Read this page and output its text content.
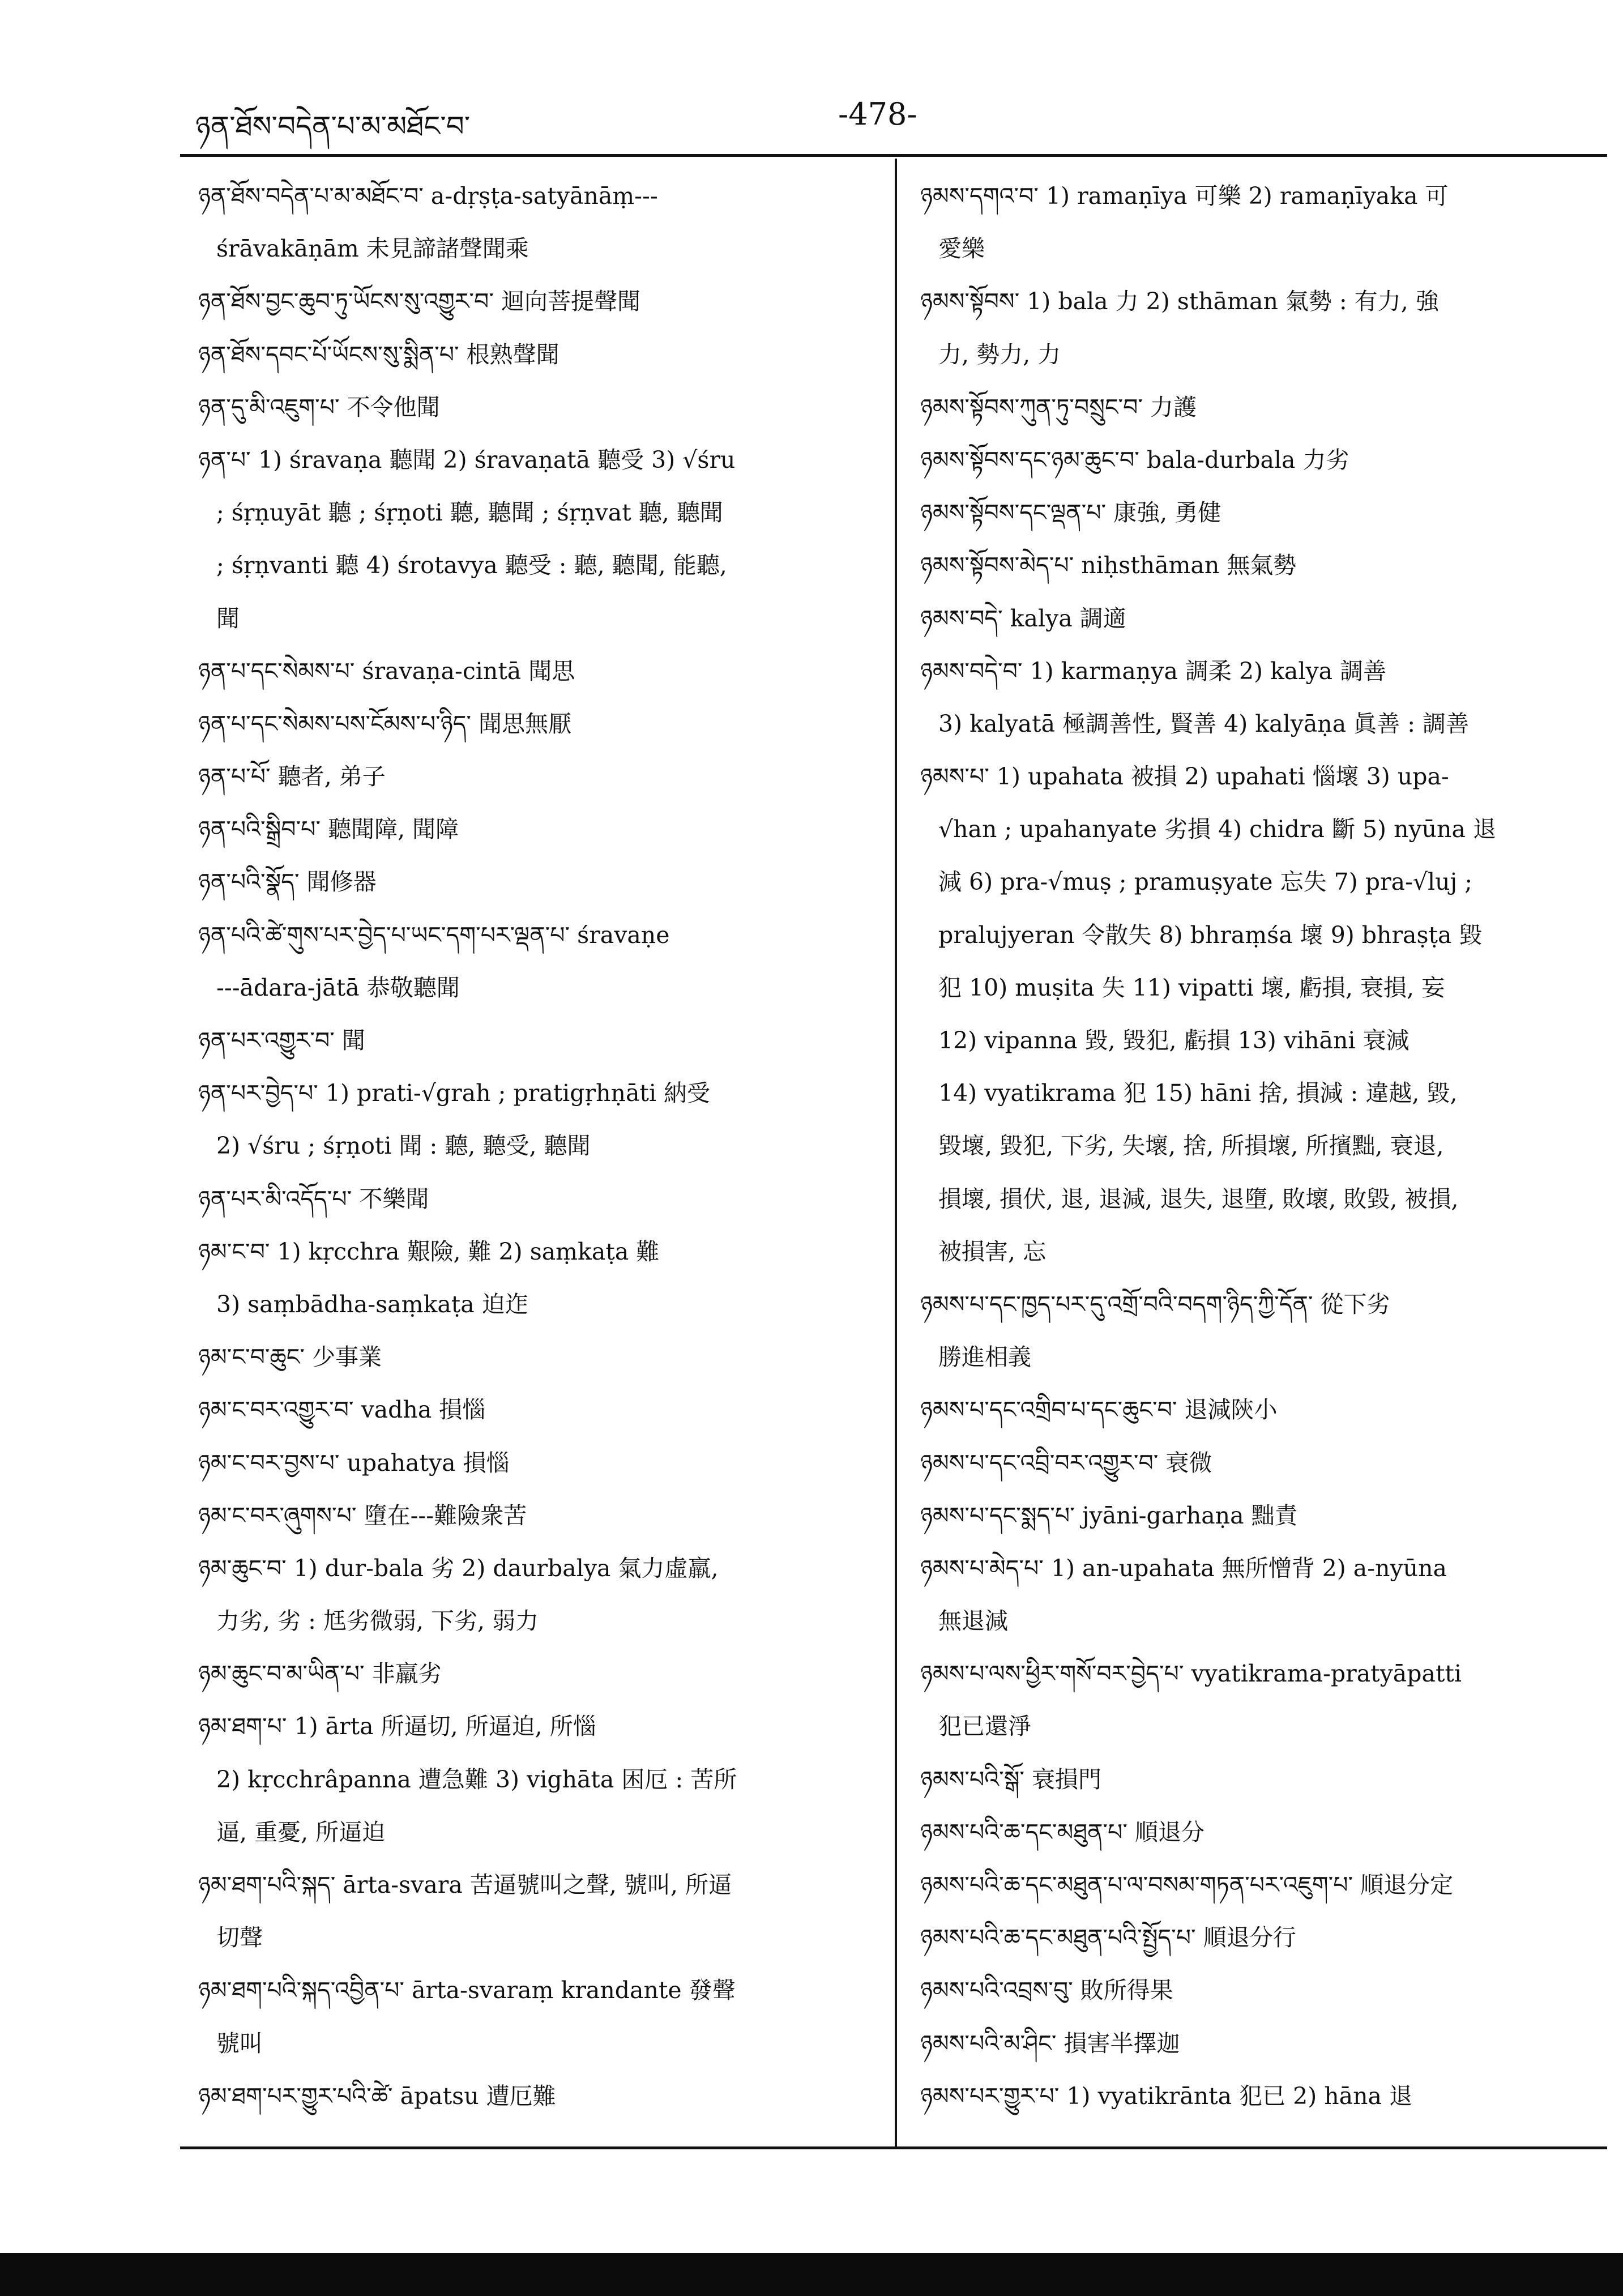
ཉན་ཐོས་བདེན་པ་མ་མཐོང་བ་	-478-
ཉན་ཐོས་བདེན་པ་མ་མཐོང་བ་ a-dṛṣṭa-satyānāṃ---
śrāvakāṇām 未見諦諸聲聞乘
ཉན་ཐོས་བྱང་ཆུབ་ཏུ་ཡོངས་སུ་འགྱུར་བ་ 迴向菩提聲聞
ཉན་ཐོས་དབང་པོ་ཡོངས་སུ་སྨིན་པ་ 根熟聲聞
ཉན་དུ་མི་འཇུག་པ་ 不令他聞
ཉན་པ་ 1) śravaṇa 聽聞 2) śravaṇatā 聽受 3) √śru
; śṛṇuyāt 聽 ; śṛṇoti 聽, 聽聞 ; śṛṇvat 聽, 聽聞
; śṛṇvanti 聽 4) śrotavya 聽受 : 聽, 聽聞, 能聽,
聞
ཉན་པ་དང་སེམས་པ་ śravaṇa-cintā 聞思
ཉན་པ་དང་སེམས་པས་ངོམས་པ་ཉིད་ 聞思無厭
ཉན་པ་པོ་ 聽者, 弟子
ཉན་པའི་སྒྲིབ་པ་ 聽聞障, 聞障
ཉན་པའི་སྣོད་ 聞修器
ཉན་པའི་ཚེ་གུས་པར་བྱེད་པ་ཡང་དག་པར་ལྡན་པ་ śravaṇe
---ādara-jātā 恭敬聽聞
ཉན་པར་འགྱུར་བ་ 聞
ཉན་པར་བྱེད་པ་ 1) prati-√grah ; pratigṛhṇāti 納受
2) √śru ; śṛṇoti 聞 : 聽, 聽受, 聽聞
ཉན་པར་མི་འདོད་པ་ 不樂聞
ཉམ་ང་བ་ 1) kṛcchra 艱險, 難 2) saṃkaṭa 難
3) saṃbādha-saṃkaṭa 迫迮
ཉམ་ང་བ་ཆུང་ 少事業
ཉམ་ང་བར་འགྱུར་བ་ vadha 損惱
ཉམ་ང་བར་བྱས་པ་ upahatya 損惱
ཉམ་ང་བར་ཞུགས་པ་ 墮在---難險衆苦
ཉམ་ཆུང་བ་ 1) dur-bala 劣 2) daurbalya 氣力虛羸,
力劣, 劣 : 尪劣微弱, 下劣, 弱力
ཉམ་ཆུང་བ་མ་ཡིན་པ་ 非羸劣
ཉམ་ཐག་པ་ 1) ārta 所逼切, 所逼迫, 所惱
2) kṛcchrâpanna 遭急難 3) vighāta 困厄 : 苦所
逼, 重憂, 所逼迫
ཉམ་ཐག་པའི་སྐད་ ārta-svara 苦逼號叫之聲, 號叫, 所逼
切聲
ཉམ་ཐག་པའི་སྐད་འབྱིན་པ་ ārta-svaraṃ krandante 發聲
號叫
ཉམ་ཐག་པར་གྱུར་པའི་ཚེ་ āpatsu 遭厄難
ཉམས་དགའ་བ་ 1) ramaṇīya 可樂 2) ramaṇīyaka 可
愛樂
ཉམས་སྟོབས་ 1) bala 力 2) sthāman 氣勢 : 有力, 強
力, 勢力, 力
ཉམས་སྟོབས་ཀུན་ཏུ་བསྲུང་བ་ 力護
ཉམས་སྟོབས་དང་ཉམ་ཆུང་བ་ bala-durbala 力劣
ཉམས་སྟོབས་དང་ལྡན་པ་ 康強, 勇健
ཉམས་སྟོབས་མེད་པ་ niḥsthāman 無氣勢
ཉམས་བདེ་ kalya 調適
ཉམས་བདེ་བ་ 1) karmaṇya 調柔 2) kalya 調善
3) kalyatā 極調善性, 賢善 4) kalyāṇa 眞善 : 調善
ཉམས་པ་ 1) upahata 被損 2) upahati 惱壞 3) upa-
√han ; upahanyate 劣損 4) chidra 斷 5) nyūna 退
減 6) pra-√muṣ ; pramuṣyate 忘失 7) pra-√luj ;
pralujyeran 令散失 8) bhraṃśa 壞 9) bhraṣṭa 毀
犯 10) muṣita 失 11) vipatti 壞, 虧損, 衰損, 妄
12) vipanna 毀, 毀犯, 虧損 13) vihāni 衰減
14) vyatikrama 犯 15) hāni 捨, 損減 : 違越, 毀,
毀壞, 毀犯, 下劣, 失壞, 捨, 所損壞, 所擯黜, 衰退,
損壞, 損伏, 退, 退減, 退失, 退墮, 敗壞, 敗毀, 被損,
被損害, 忘
ཉམས་པ་དང་ཁྱད་པར་དུ་འགྲོ་བའི་བདག་ཉིད་ཀྱི་དོན་ 從下劣
勝進相義
ཉམས་པ་དང་འགྲིབ་པ་དང་ཆུང་བ་ 退減陝小
ཉམས་པ་དང་འབྲི་བར་འགྱུར་བ་ 衰微
ཉམས་པ་དང་སྨད་པ་ jyāni-garhaṇa 黜責
ཉམས་པ་མེད་པ་ 1) an-upahata 無所憎背 2) a-nyūna
無退減
ཉམས་པ་ལས་ཕྱིར་གསོ་བར་བྱེད་པ་ vyatikrama-pratyāpatti
犯已還淨
ཉམས་པའི་སྒོ་ 衰損門
ཉམས་པའི་ཆ་དང་མཐུན་པ་ 順退分
ཉམས་པའི་ཆ་དང་མཐུན་པ་ལ་བསམ་གཏན་པར་འཇུག་པ་ 順退分定
ཉམས་པའི་ཆ་དང་མཐུན་པའི་སྤྱོད་པ་ 順退分行
ཉམས་པའི་འབྲས་བུ་ 敗所得果
ཉམས་པའི་མ་ཤིང་ 損害半擇迦
ཉམས་པར་གྱུར་པ་ 1) vyatikrānta 犯已 2) hāna 退
